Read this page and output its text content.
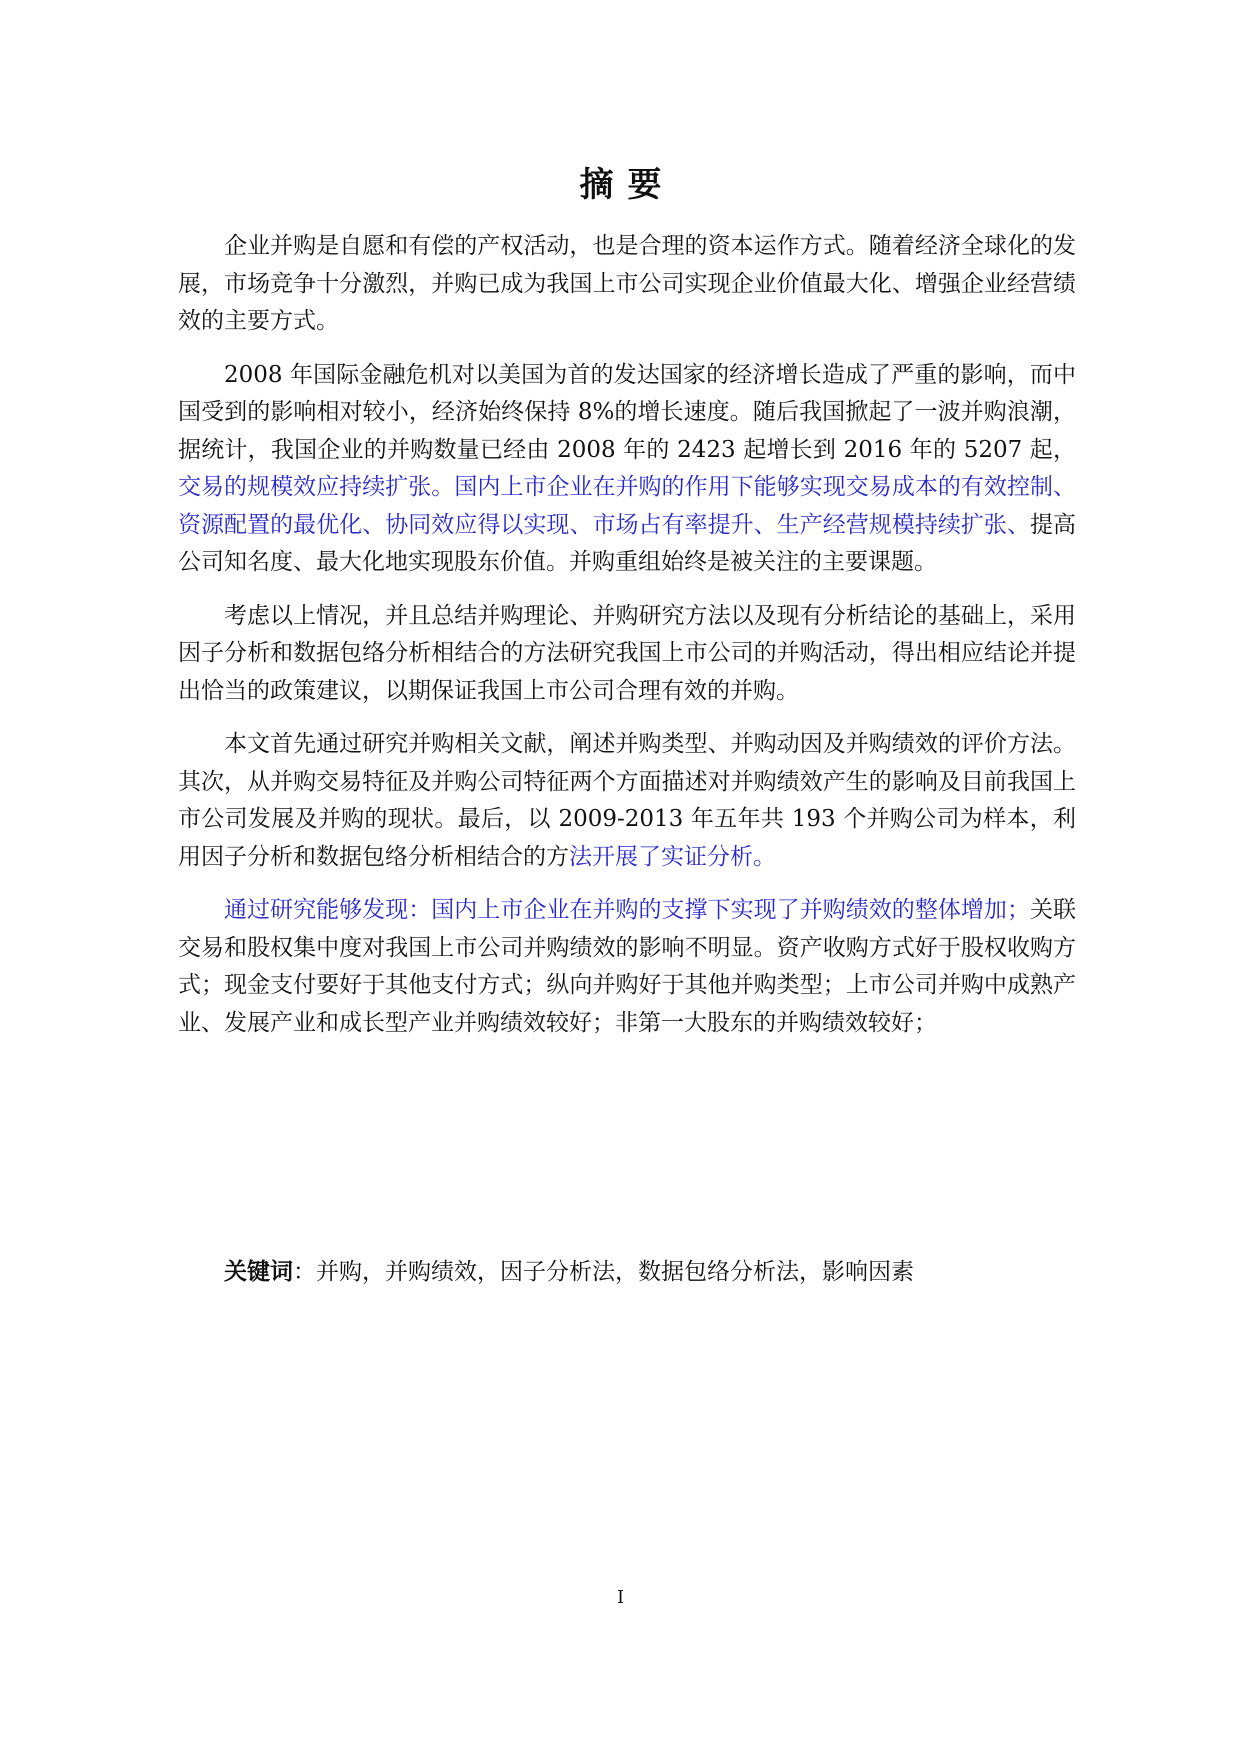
摘要

企业并购是自愿和有偿的产权活动，也是合理的资本运作方式。随着经济全球化的发展，市场竞争十分激烈，并购已成为我国上市公司实现企业价值最大化、增强企业经营绩效的主要方式。

2008 年国际金融危机对以美国为首的发达国家的经济增长造成了严重的影响，而中国受到的影响相对较小，经济始终保持 8%的增长速度。随后我国掀起了一波并购浪潮，据统计，我国企业的并购数量已经由 2008 年的 2423 起增长到 2016 年的 5207 起，交易的规模效应持续扩张。国内上市企业在并购的作用下能够实现交易成本的有效控制、资源配置的最优化、协同效应得以实现、市场占有率提升、生产经营规模持续扩张、提高公司知名度、最大化地实现股东价值。并购重组始终是被关注的主要课题。

考虑以上情况，并且总结并购理论、并购研究方法以及现有分析结论的基础上，采用因子分析和数据包络分析相结合的方法研究我国上市公司的并购活动，得出相应结论并提出恰当的政策建议，以期保证我国上市公司合理有效的并购。

本文首先通过研究并购相关文献，阐述并购类型、并购动因及并购绩效的评价方法。其次，从并购交易特征及并购公司特征两个方面描述对并购绩效产生的影响及目前我国上市公司发展及并购的现状。最后，以 2009-2013 年五年共 193 个并购公司为样本，利用因子分析和数据包络分析相结合的方法开展了实证分析。

通过研究能够发现：国内上市企业在并购的支撑下实现了并购绩效的整体增加；关联交易和股权集中度对我国上市公司并购绩效的影响不明显。资产收购方式好于股权收购方式；现金支付要好于其他支付方式；纵向并购好于其他并购类型；上市公司并购中成熟产业、发展产业和成长型产业并购绩效较好；非第一大股东的并购绩效较好；

关键词：并购，并购绩效，因子分析法，数据包络分析法，影响因素

I
